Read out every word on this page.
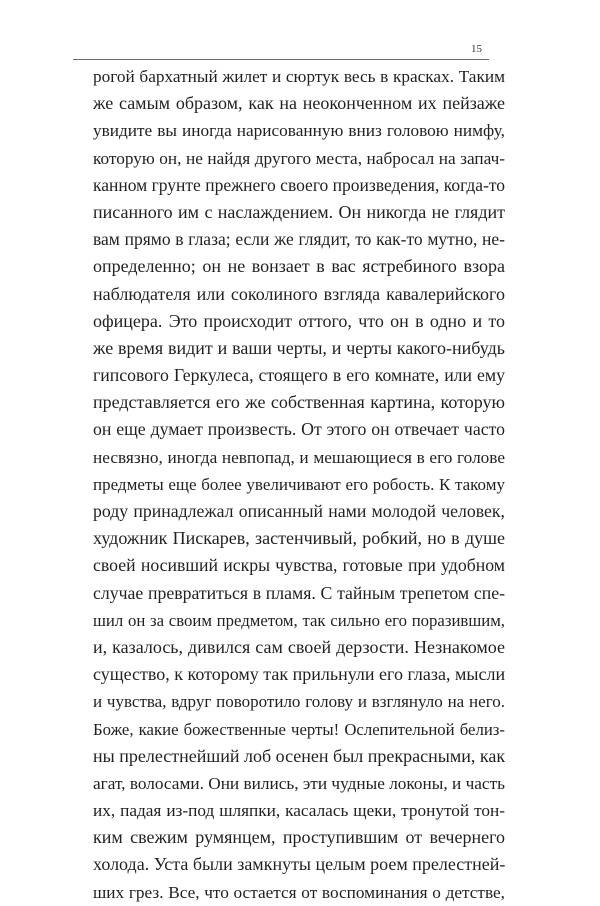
15
рогой бархатный жилет и сюртук весь в красках. Таким
же самым образом, как на неоконченном их пейзаже
увидите вы иногда нарисованную вниз головою нимфу,
которую он, не найдя другого места, набросал на запач-
канном грунте прежнего своего произведения, когда-то
писанного им с наслаждением. Он никогда не глядит
вам прямо в глаза; если же глядит, то как-то мутно, не-
определенно; он не вонзает в вас ястребиного взора
наблюдателя или соколиного взгляда кавалерийского
офицера. Это происходит оттого, что он в одно и то
же время видит и ваши черты, и черты какого-нибудь
гипсового Геркулеса, стоящего в его комнате, или ему
представляется его же собственная картина, которую
он еще думает произвесть. От этого он отвечает часто
несвязно, иногда невпопад, и мешающиеся в его голове
предметы еще более увеличивают его робость. К такому
роду принадлежал описанный нами молодой человек,
художник Пискарев, застенчивый, робкий, но в душе
своей носивший искры чувства, готовые при удобном
случае превратиться в пламя. С тайным трепетом спе-
шил он за своим предметом, так сильно его поразившим,
и, казалось, дивился сам своей дерзости. Незнакомое
существо, к которому так прильнули его глаза, мысли
и чувства, вдруг поворотило голову и взглянуло на него.
Боже, какие божественные черты! Ослепительной белиз-
ны прелестнейший лоб осенен был прекрасными, как
агат, волосами. Они вились, эти чудные локоны, и часть
их, падая из-под шляпки, касалась щеки, тронутой тон-
ким свежим румянцем, проступившим от вечернего
холода. Уста были замкнуты целым роем прелестней-
ших грез. Все, что остается от воспоминания о детстве,
